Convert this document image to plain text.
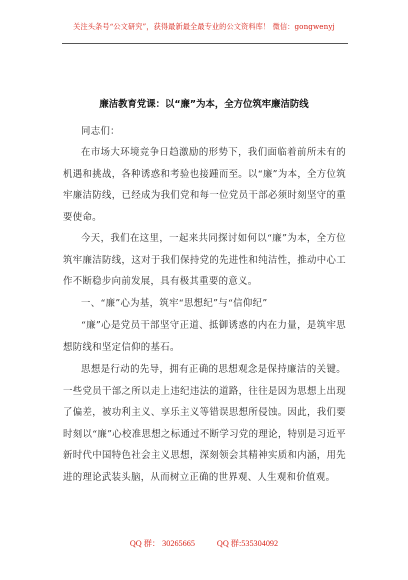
关注头条号“公文研究”，获得最新最全最专业的公文资料库！ 微信：gongwenyj
廉洁教育党课：以“廉”为本，全方位筑牢廉洁防线
同志们：
在市场大环境竞争日趋激励的形势下，我们面临着前所未有的机遇和挑战，各种诱惑和考验也接踵而至。以“廉”为本，全方位筑牢廉洁防线，已经成为我们党和每一位党员干部必须时刻坚守的重要使命。
今天，我们在这里，一起来共同探讨如何以“廉”为本，全方位筑牢廉洁防线，这对于我们保持党的先进性和纯洁性，推动中心工作不断稳步向前发展，具有极其重要的意义。
一、“廉”心为基，筑牢“思想纪”与“信仰纪”
“廉”心是党员干部坚守正道、抵御诱惑的内在力量，是筑牢思想防线和坚定信仰的基石。
思想是行动的先导，拥有正确的思想观念是保持廉洁的关键。一些党员干部之所以走上违纪违法的道路，往往是因为思想上出现了偏差，被功利主义、享乐主义等错误思想所侵蚀。因此，我们要时刻以“廉”心校准思想之标通过不断学习党的理论，特别是习近平新时代中国特色社会主义思想，深刻领会其精神实质和内涵，用先进的理论武装头脑，从而树立正确的世界观、人生观和价值观。
QQ 群： 30265665	QQ 群:535304092
